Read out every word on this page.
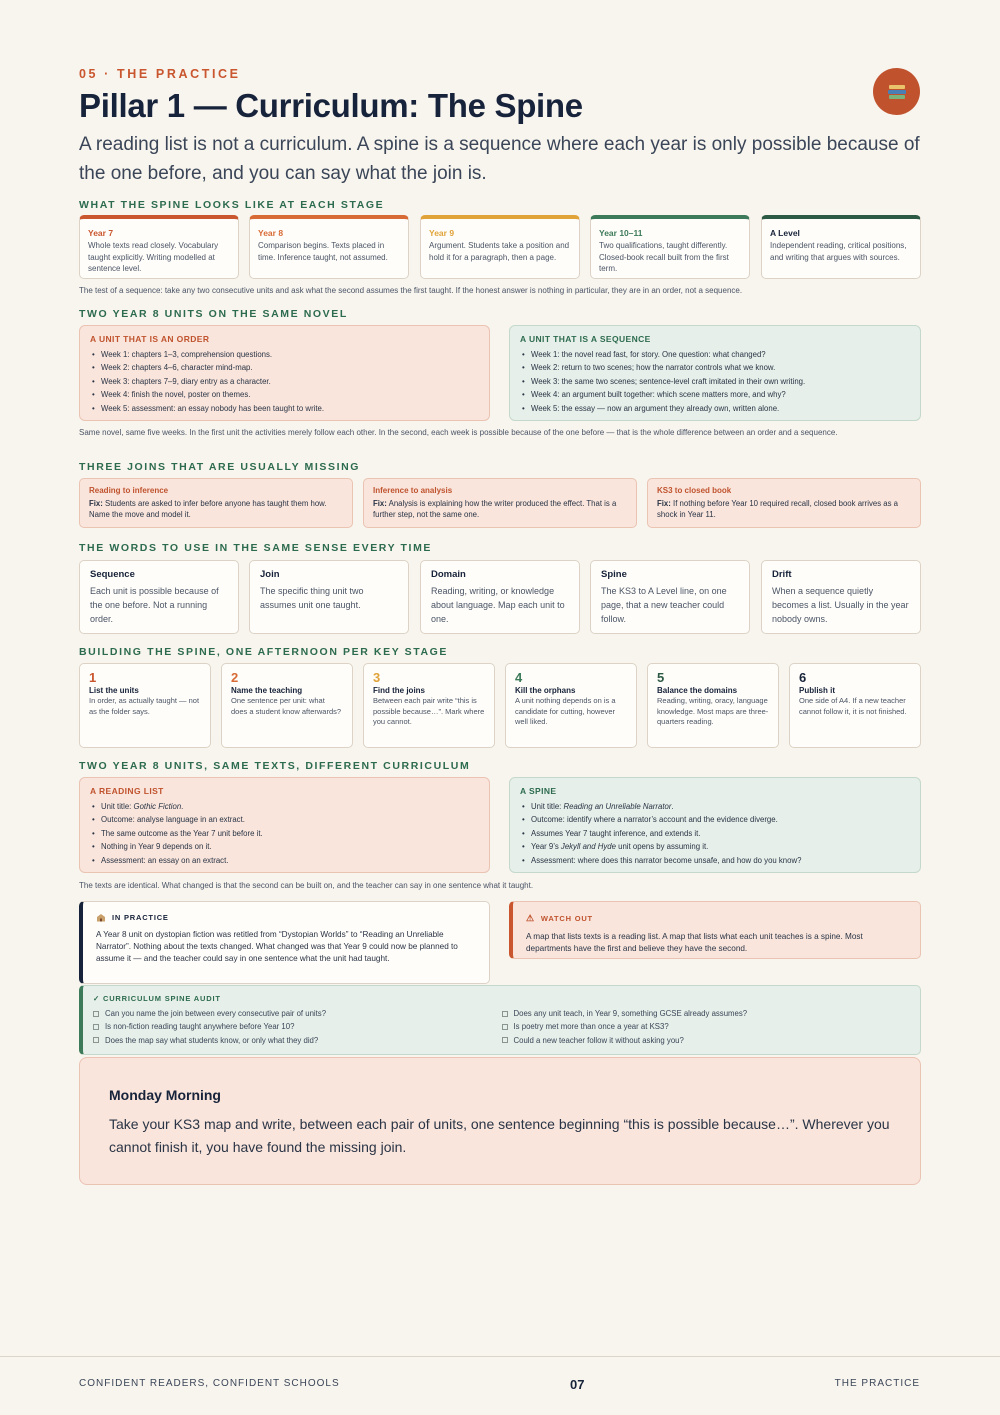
05 · THE PRACTICE
Pillar 1 — Curriculum: The Spine

A reading list is not a curriculum. A spine is a sequence where each year is only possible because of the one before, and you can say what the join is.

WHAT THE SPINE LOOKS LIKE AT EACH STAGE
Year 7
Whole texts read closely. Vocabulary taught explicitly. Writing modelled at sentence level.
Year 8
Comparison begins. Texts placed in time. Inference taught, not assumed.
Year 9
Argument. Students take a position and hold it for a paragraph, then a page.
Year 10–11
Two qualifications, taught differently. Closed-book recall built from the first term.
A Level
Independent reading, critical positions, and writing that argues with sources.
The test of a sequence: take any two consecutive units and ask what the second assumes the first taught. If the honest answer is nothing in particular, they are in an order, not a sequence.
TWO YEAR 8 UNITS ON THE SAME NOVEL
A UNIT THAT IS AN ORDER
• Week 1: chapters 1–3, comprehension questions.
• Week 2: chapters 4–6, character mind-map.
• Week 3: chapters 7–9, diary entry as a character.
• Week 4: finish the novel, poster on themes.
• Week 5: assessment: an essay nobody has been taught to write.
A UNIT THAT IS A SEQUENCE
• Week 1: the novel read fast, for story. One question: what changed?
• Week 2: return to two scenes; how the narrator controls what we know.
• Week 3: the same two scenes; sentence-level craft imitated in their own writing.
• Week 4: an argument built together: which scene matters more, and why?
• Week 5: the essay — now an argument they already own, written alone.
Same novel, same five weeks. In the first unit the activities merely follow each other. In the second, each week is possible because of the one before — that is the whole difference between an order and a sequence.
THREE JOINS THAT ARE USUALLY MISSING
Reading to inference
Fix: Students are asked to infer before anyone has taught them how. Name the move and model it.
Inference to analysis
Fix: Analysis is explaining how the writer produced the effect. That is a further step, not the same one.
KS3 to closed book
Fix: If nothing before Year 10 required recall, closed book arrives as a shock in Year 11.
THE WORDS TO USE IN THE SAME SENSE EVERY TIME
Sequence
Each unit is possible because of the one before. Not a running order.
Join
The specific thing unit two assumes unit one taught.
Domain
Reading, writing, or knowledge about language. Map each unit to one.
Spine
The KS3 to A Level line, on one page, that a new teacher could follow.
Drift
When a sequence quietly becomes a list. Usually in the year nobody owns.
BUILDING THE SPINE, ONE AFTERNOON PER KEY STAGE
1
List the units
In order, as actually taught — not as the folder says.
2
Name the teaching
One sentence per unit: what does a student know afterwards?
3
Find the joins
Between each pair write “this is possible because…”. Mark where you cannot.
4
Kill the orphans
A unit nothing depends on is a candidate for cutting, however well liked.
5
Balance the domains
Reading, writing, oracy, language knowledge. Most maps are three-quarters reading.
6
Publish it
One side of A4. If a new teacher cannot follow it, it is not finished.
TWO YEAR 8 UNITS, SAME TEXTS, DIFFERENT CURRICULUM
A READING LIST
• Unit title: Gothic Fiction.
• Outcome: analyse language in an extract.
• The same outcome as the Year 7 unit before it.
• Nothing in Year 9 depends on it.
• Assessment: an essay on an extract.
A SPINE
• Unit title: Reading an Unreliable Narrator.
• Outcome: identify where a narrator’s account and the evidence diverge.
• Assumes Year 7 taught inference, and extends it.
• Year 9’s Jekyll and Hyde unit opens by assuming it.
• Assessment: where does this narrator become unsafe, and how do you know?
The texts are identical. What changed is that the second can be built on, and the teacher can say in one sentence what it taught.
IN PRACTICE
A Year 8 unit on dystopian fiction was retitled from “Dystopian Worlds” to “Reading an Unreliable Narrator”. Nothing about the texts changed. What changed was that Year 9 could now be planned to assume it — and the teacher could say in one sentence what the unit had taught.
⚠ WATCH OUT
A map that lists texts is a reading list. A map that lists what each unit teaches is a spine. Most departments have the first and believe they have the second.
✓ CURRICULUM SPINE AUDIT
Can you name the join between every consecutive pair of units?
Is non-fiction reading taught anywhere before Year 10?
Does the map say what students know, or only what they did?
Does any unit teach, in Year 9, something GCSE already assumes?
Is poetry met more than once a year at KS3?
Could a new teacher follow it without asking you?
Monday Morning
Take your KS3 map and write, between each pair of units, one sentence beginning “this is possible because…”. Wherever you cannot finish it, you have found the missing join.
CONFIDENT READERS, CONFIDENT SCHOOLS	07	THE PRACTICE
